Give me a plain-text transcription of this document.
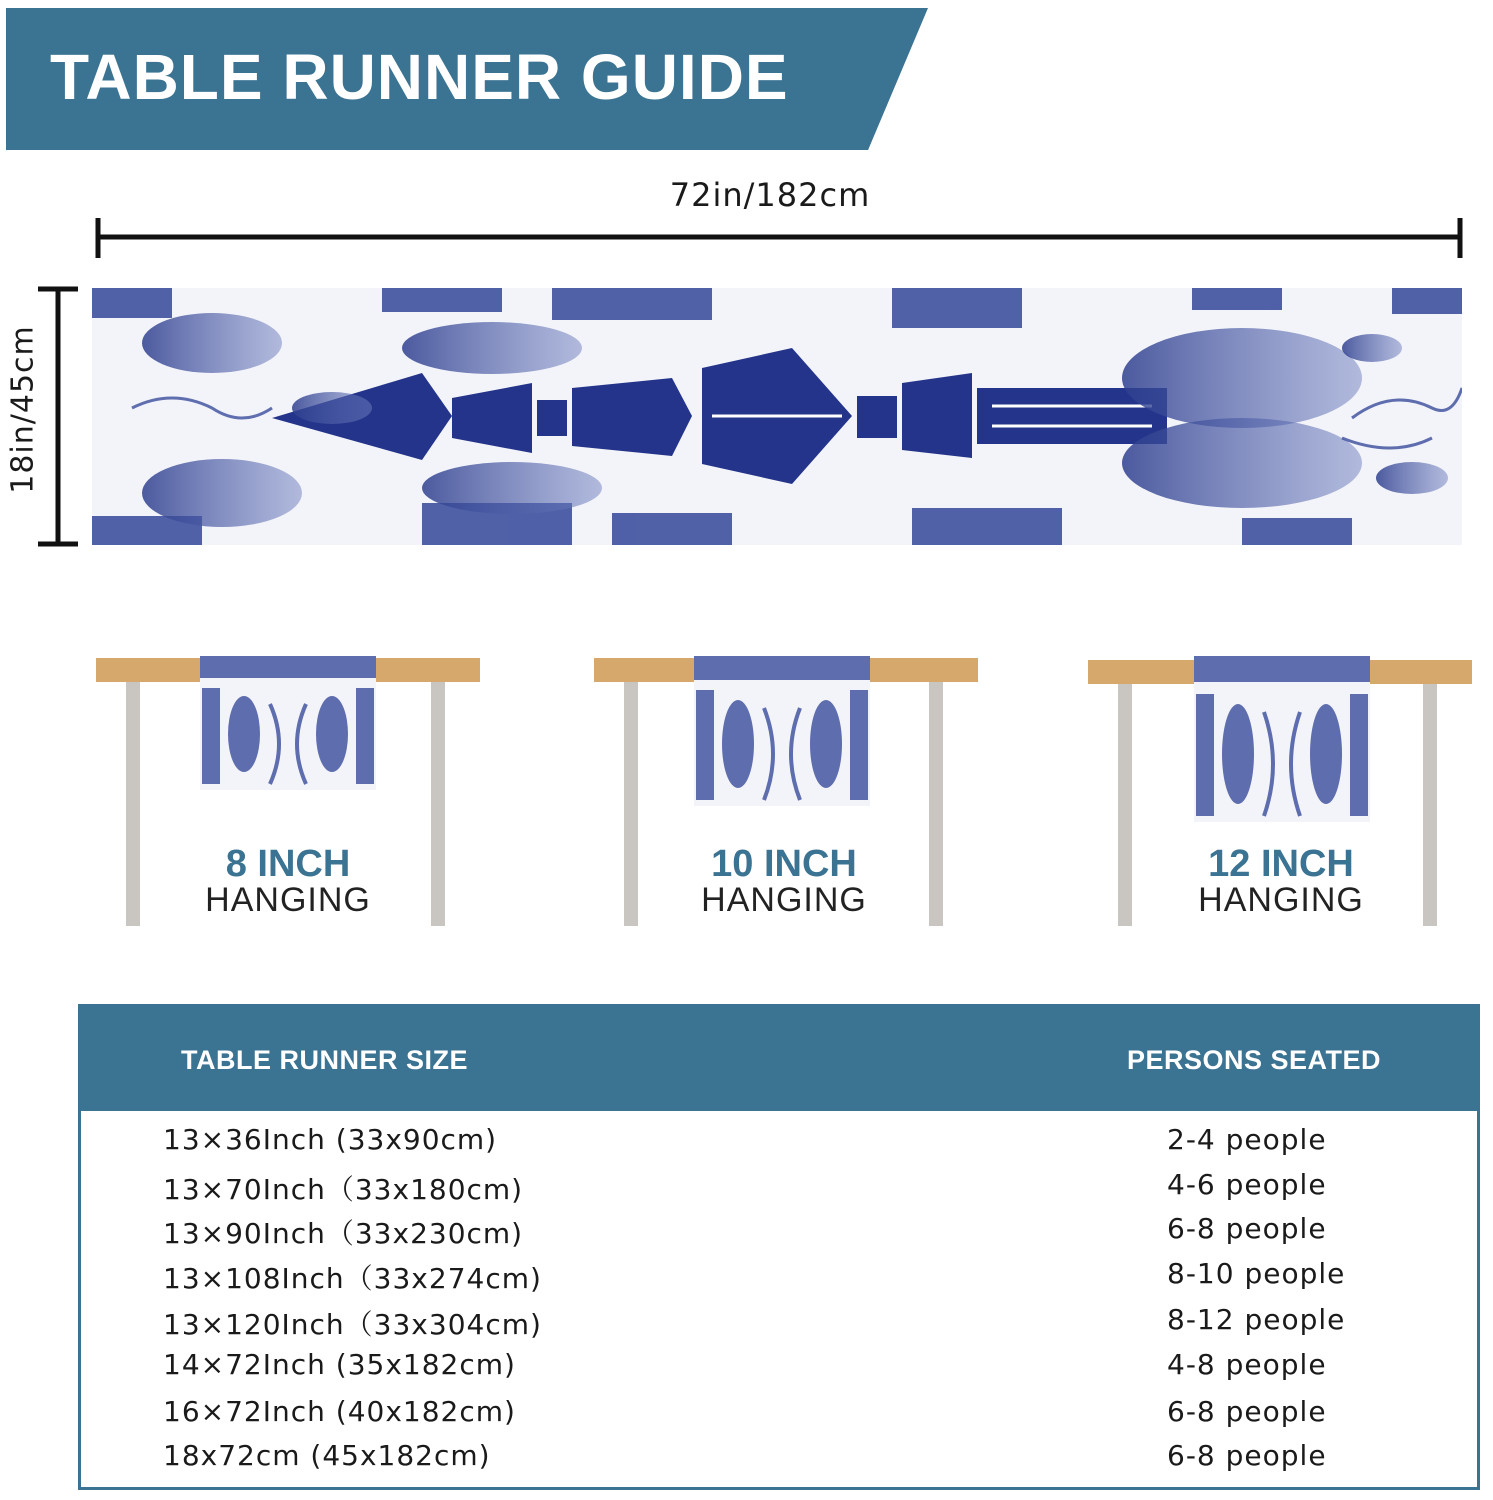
TABLE RUNNER GUIDE
72in/182cm
18in/45cm
8 INCH
HANGING
10 INCH
HANGING
12 INCH
HANGING
TABLE RUNNER SIZE	PERSONS SEATED
13×36Inch (33x90cm)	2-4 people
13×70Inch（33x180cm)	4-6 people
13×90Inch（33x230cm)	6-8 people
13×108Inch（33x274cm)	8-10 people
13×120Inch（33x304cm)	8-12 people
14×72Inch (35x182cm)	4-8 people
16×72Inch (40x182cm)	6-8 people
18x72cm (45x182cm)	6-8 people
